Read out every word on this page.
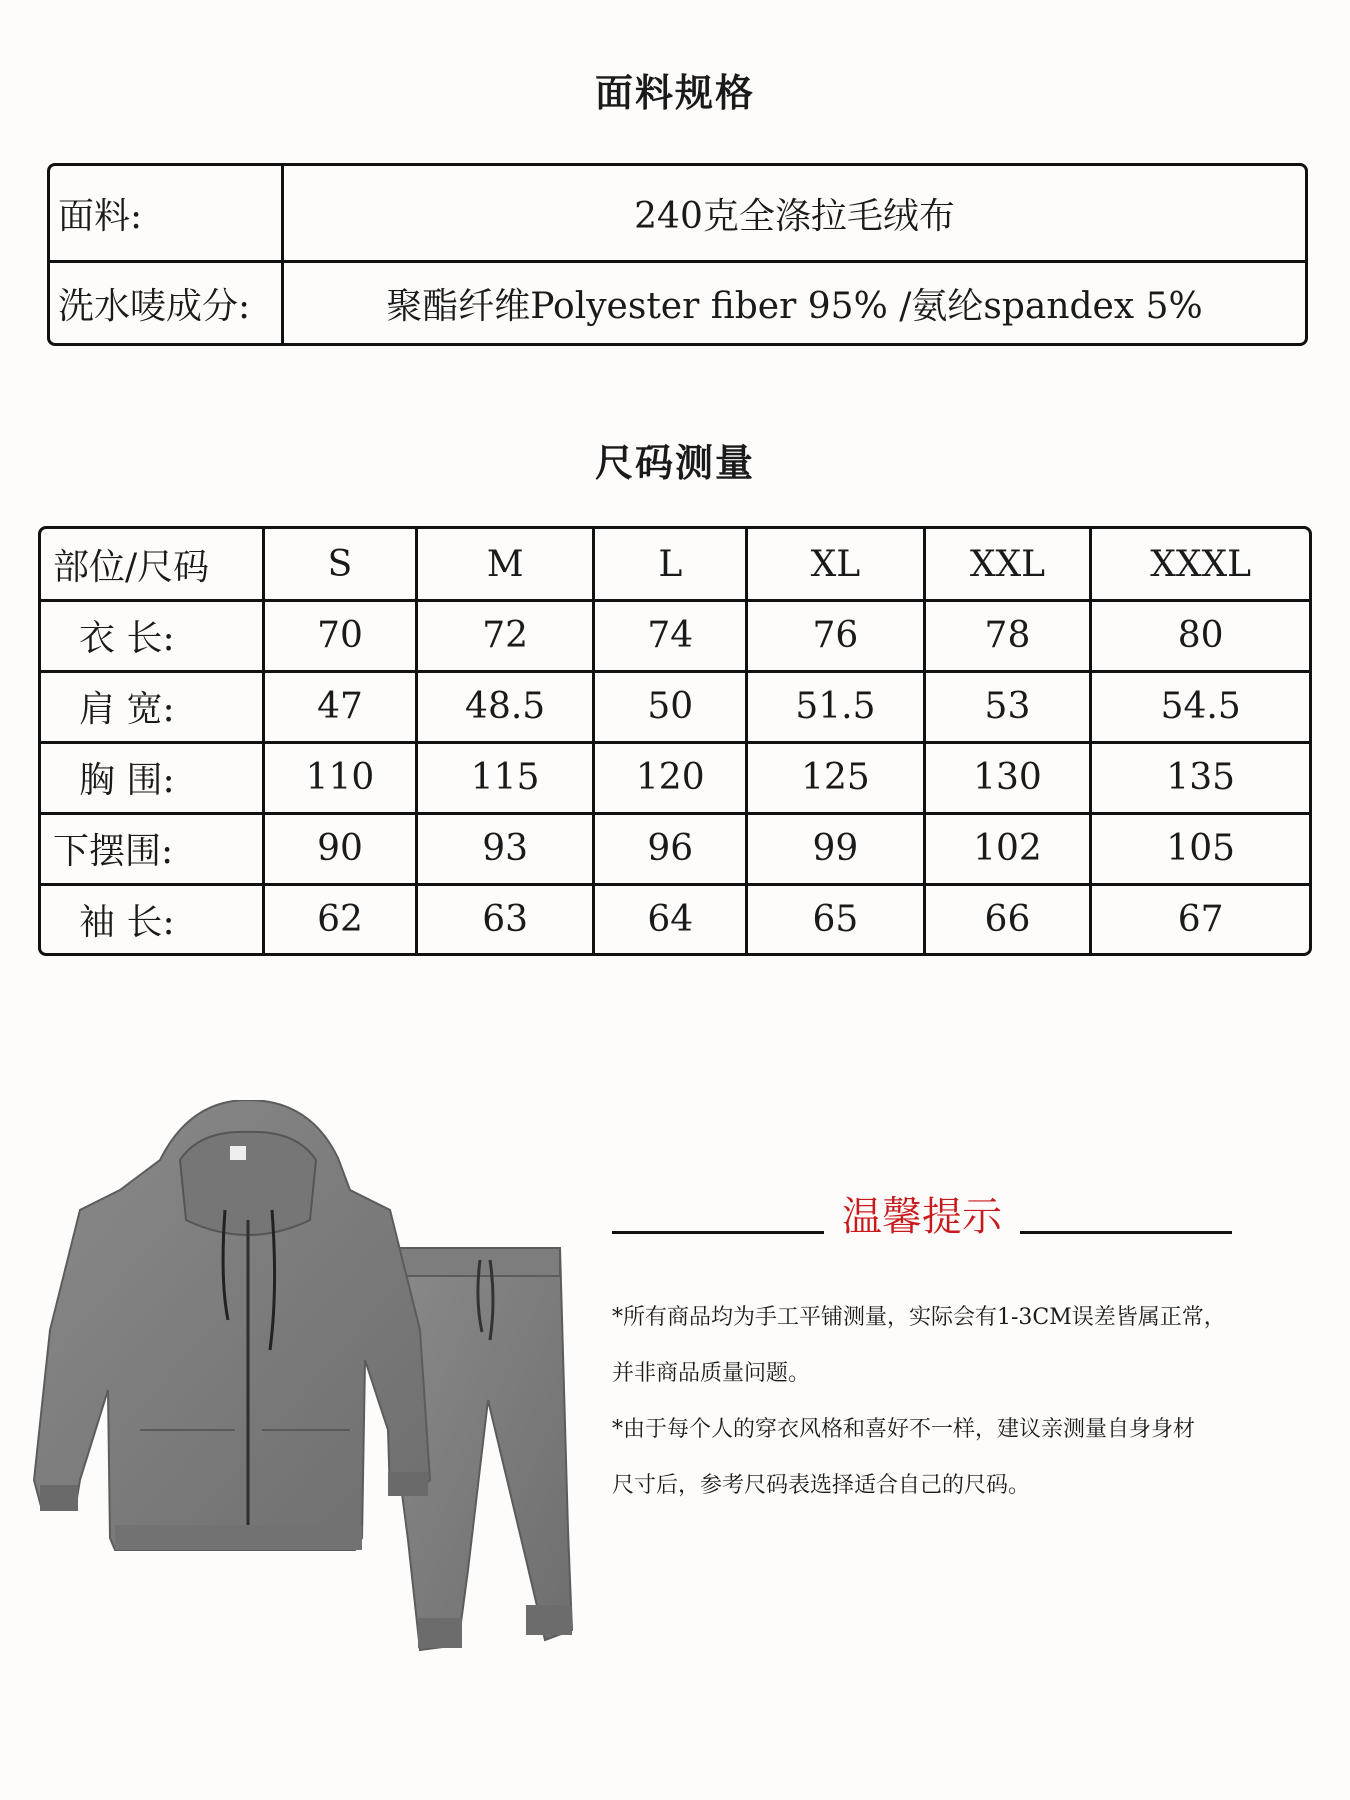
面料规格
面料:	240克全涤拉毛绒布
洗水唛成分:	聚酯纤维Polyester fiber 95% /氨纶spandex 5%
尺码测量
部位/尺码	S	M	L	XL	XXL	XXXL
衣 长:	70	72	74	76	78	80
肩 宽:	47	48.5	50	51.5	53	54.5
胸 围:	110	115	120	125	130	135
下摆围:	90	93	96	99	102	105
袖 长:	62	63	64	65	66	67
温馨提示

*所有商品均为手工平铺测量，实际会有1-3CM误差皆属正常，

并非商品质量问题。

*由于每个人的穿衣风格和喜好不一样，建议亲测量自身身材

尺寸后，参考尺码表选择适合自己的尺码。
